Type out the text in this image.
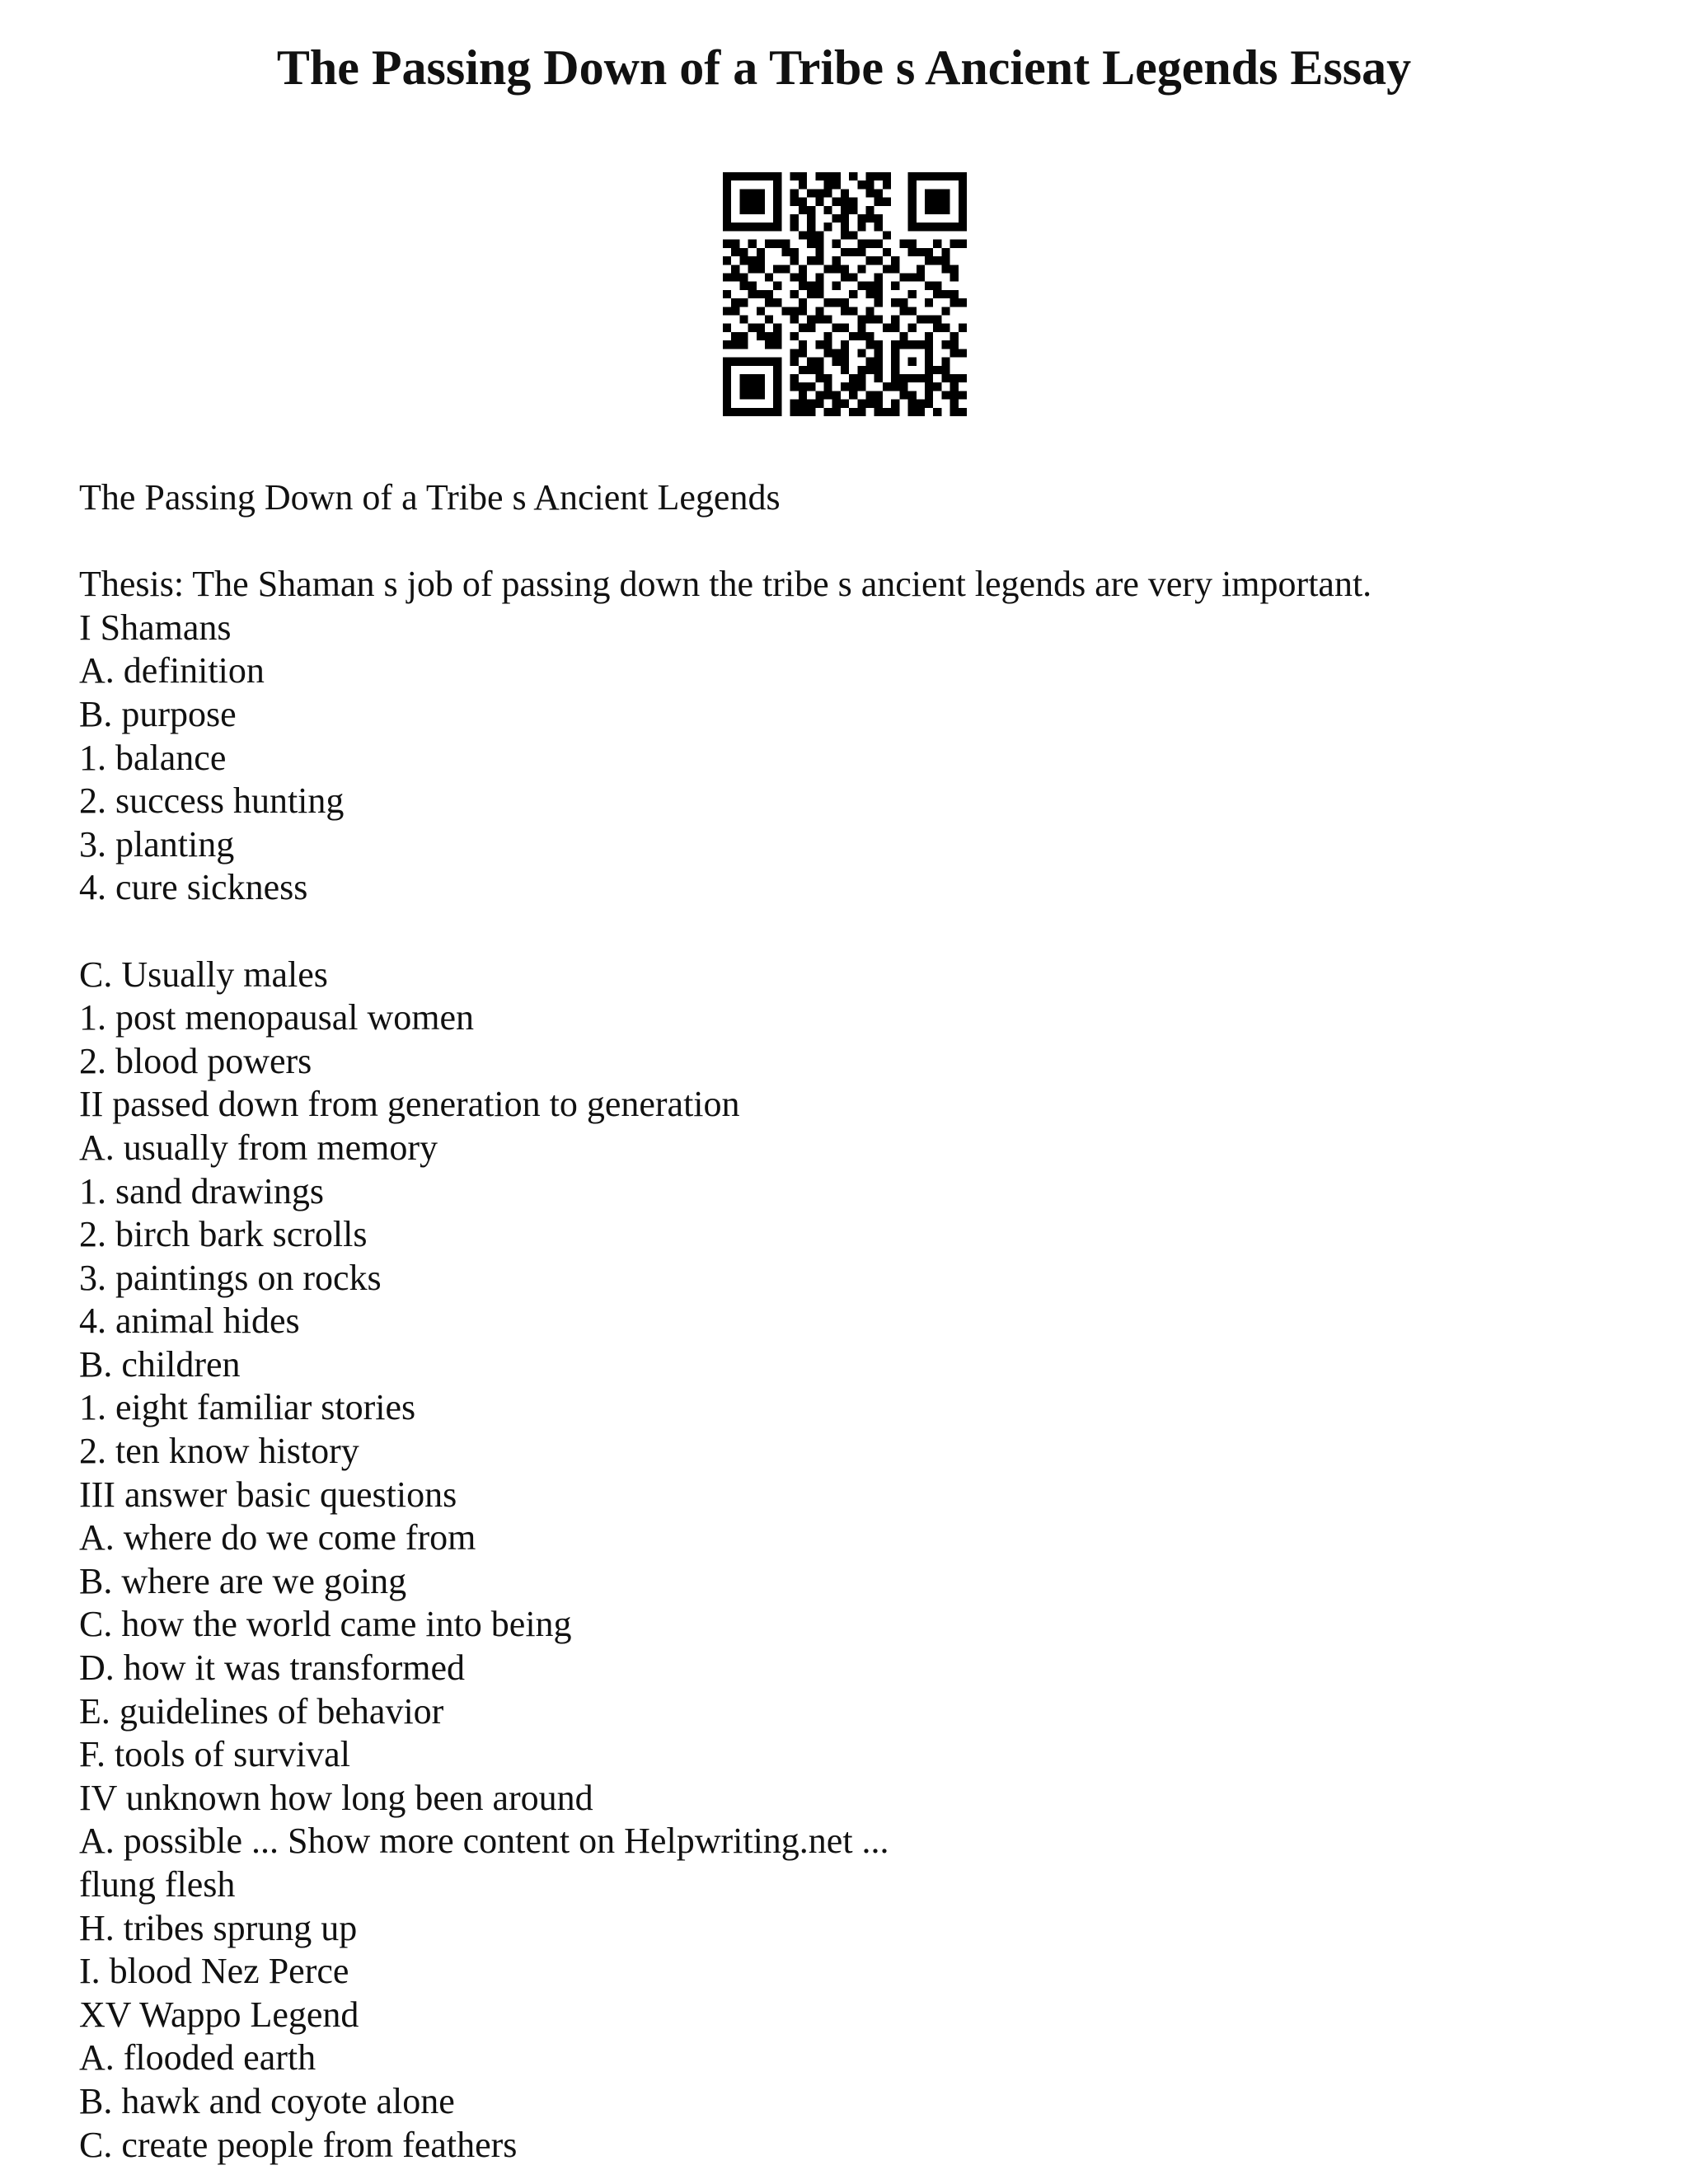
The Passing Down of a Tribe s Ancient Legends Essay
The Passing Down of a Tribe s Ancient Legends
Thesis: The Shaman s job of passing down the tribe s ancient legends are very important.
I Shamans
A. definition
B. purpose
1. balance
2. success hunting
3. planting
4. cure sickness
C. Usually males
1. post menopausal women
2. blood powers
II passed down from generation to generation
A. usually from memory
1. sand drawings
2. birch bark scrolls
3. paintings on rocks
4. animal hides
B. children
1. eight familiar stories
2. ten know history
III answer basic questions
A. where do we come from
B. where are we going
C. how the world came into being
D. how it was transformed
E. guidelines of behavior
F. tools of survival
IV unknown how long been around
A. possible ... Show more content on Helpwriting.net ...
flung flesh
H. tribes sprung up
I. blood Nez Perce
XV Wappo Legend
A. flooded earth
B. hawk and coyote alone
C. create people from feathers
